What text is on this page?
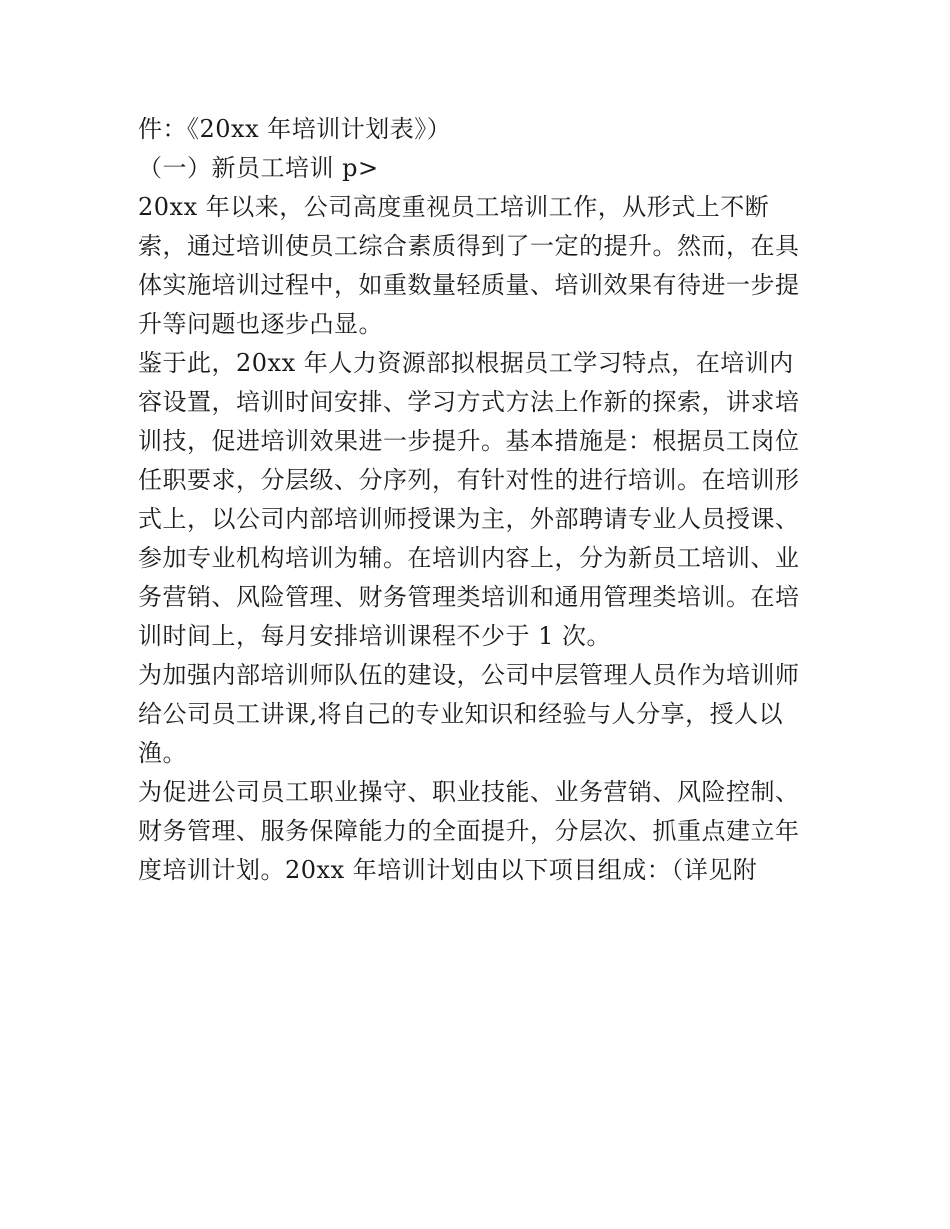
件：《20xx 年培训计划表》）

（一）新员工培训 p>

20xx 年以来，公司高度重视员工培训工作，从形式上不断

索，通过培训使员工综合素质得到了一定的提升。然而，在具

体实施培训过程中，如重数量轻质量、培训效果有待进一步提

升等问题也逐步凸显。

鉴于此，20xx 年人力资源部拟根据员工学习特点，在培训内

容设置，培训时间安排、学习方式方法上作新的探索，讲求培

训技，促进培训效果进一步提升。基本措施是：根据员工岗位

任职要求，分层级、分序列，有针对性的进行培训。在培训形

式上，以公司内部培训师授课为主，外部聘请专业人员授课、

参加专业机构培训为辅。在培训内容上，分为新员工培训、业

务营销、风险管理、财务管理类培训和通用管理类培训。在培

训时间上，每月安排培训课程不少于 1 次。

为加强内部培训师队伍的建设，公司中层管理人员作为培训师

给公司员工讲课,将自己的专业知识和经验与人分享，授人以

渔。

为促进公司员工职业操守、职业技能、业务营销、风险控制、

财务管理、服务保障能力的全面提升，分层次、抓重点建立年

度培训计划。20xx 年培训计划由以下项目组成：（详见附
